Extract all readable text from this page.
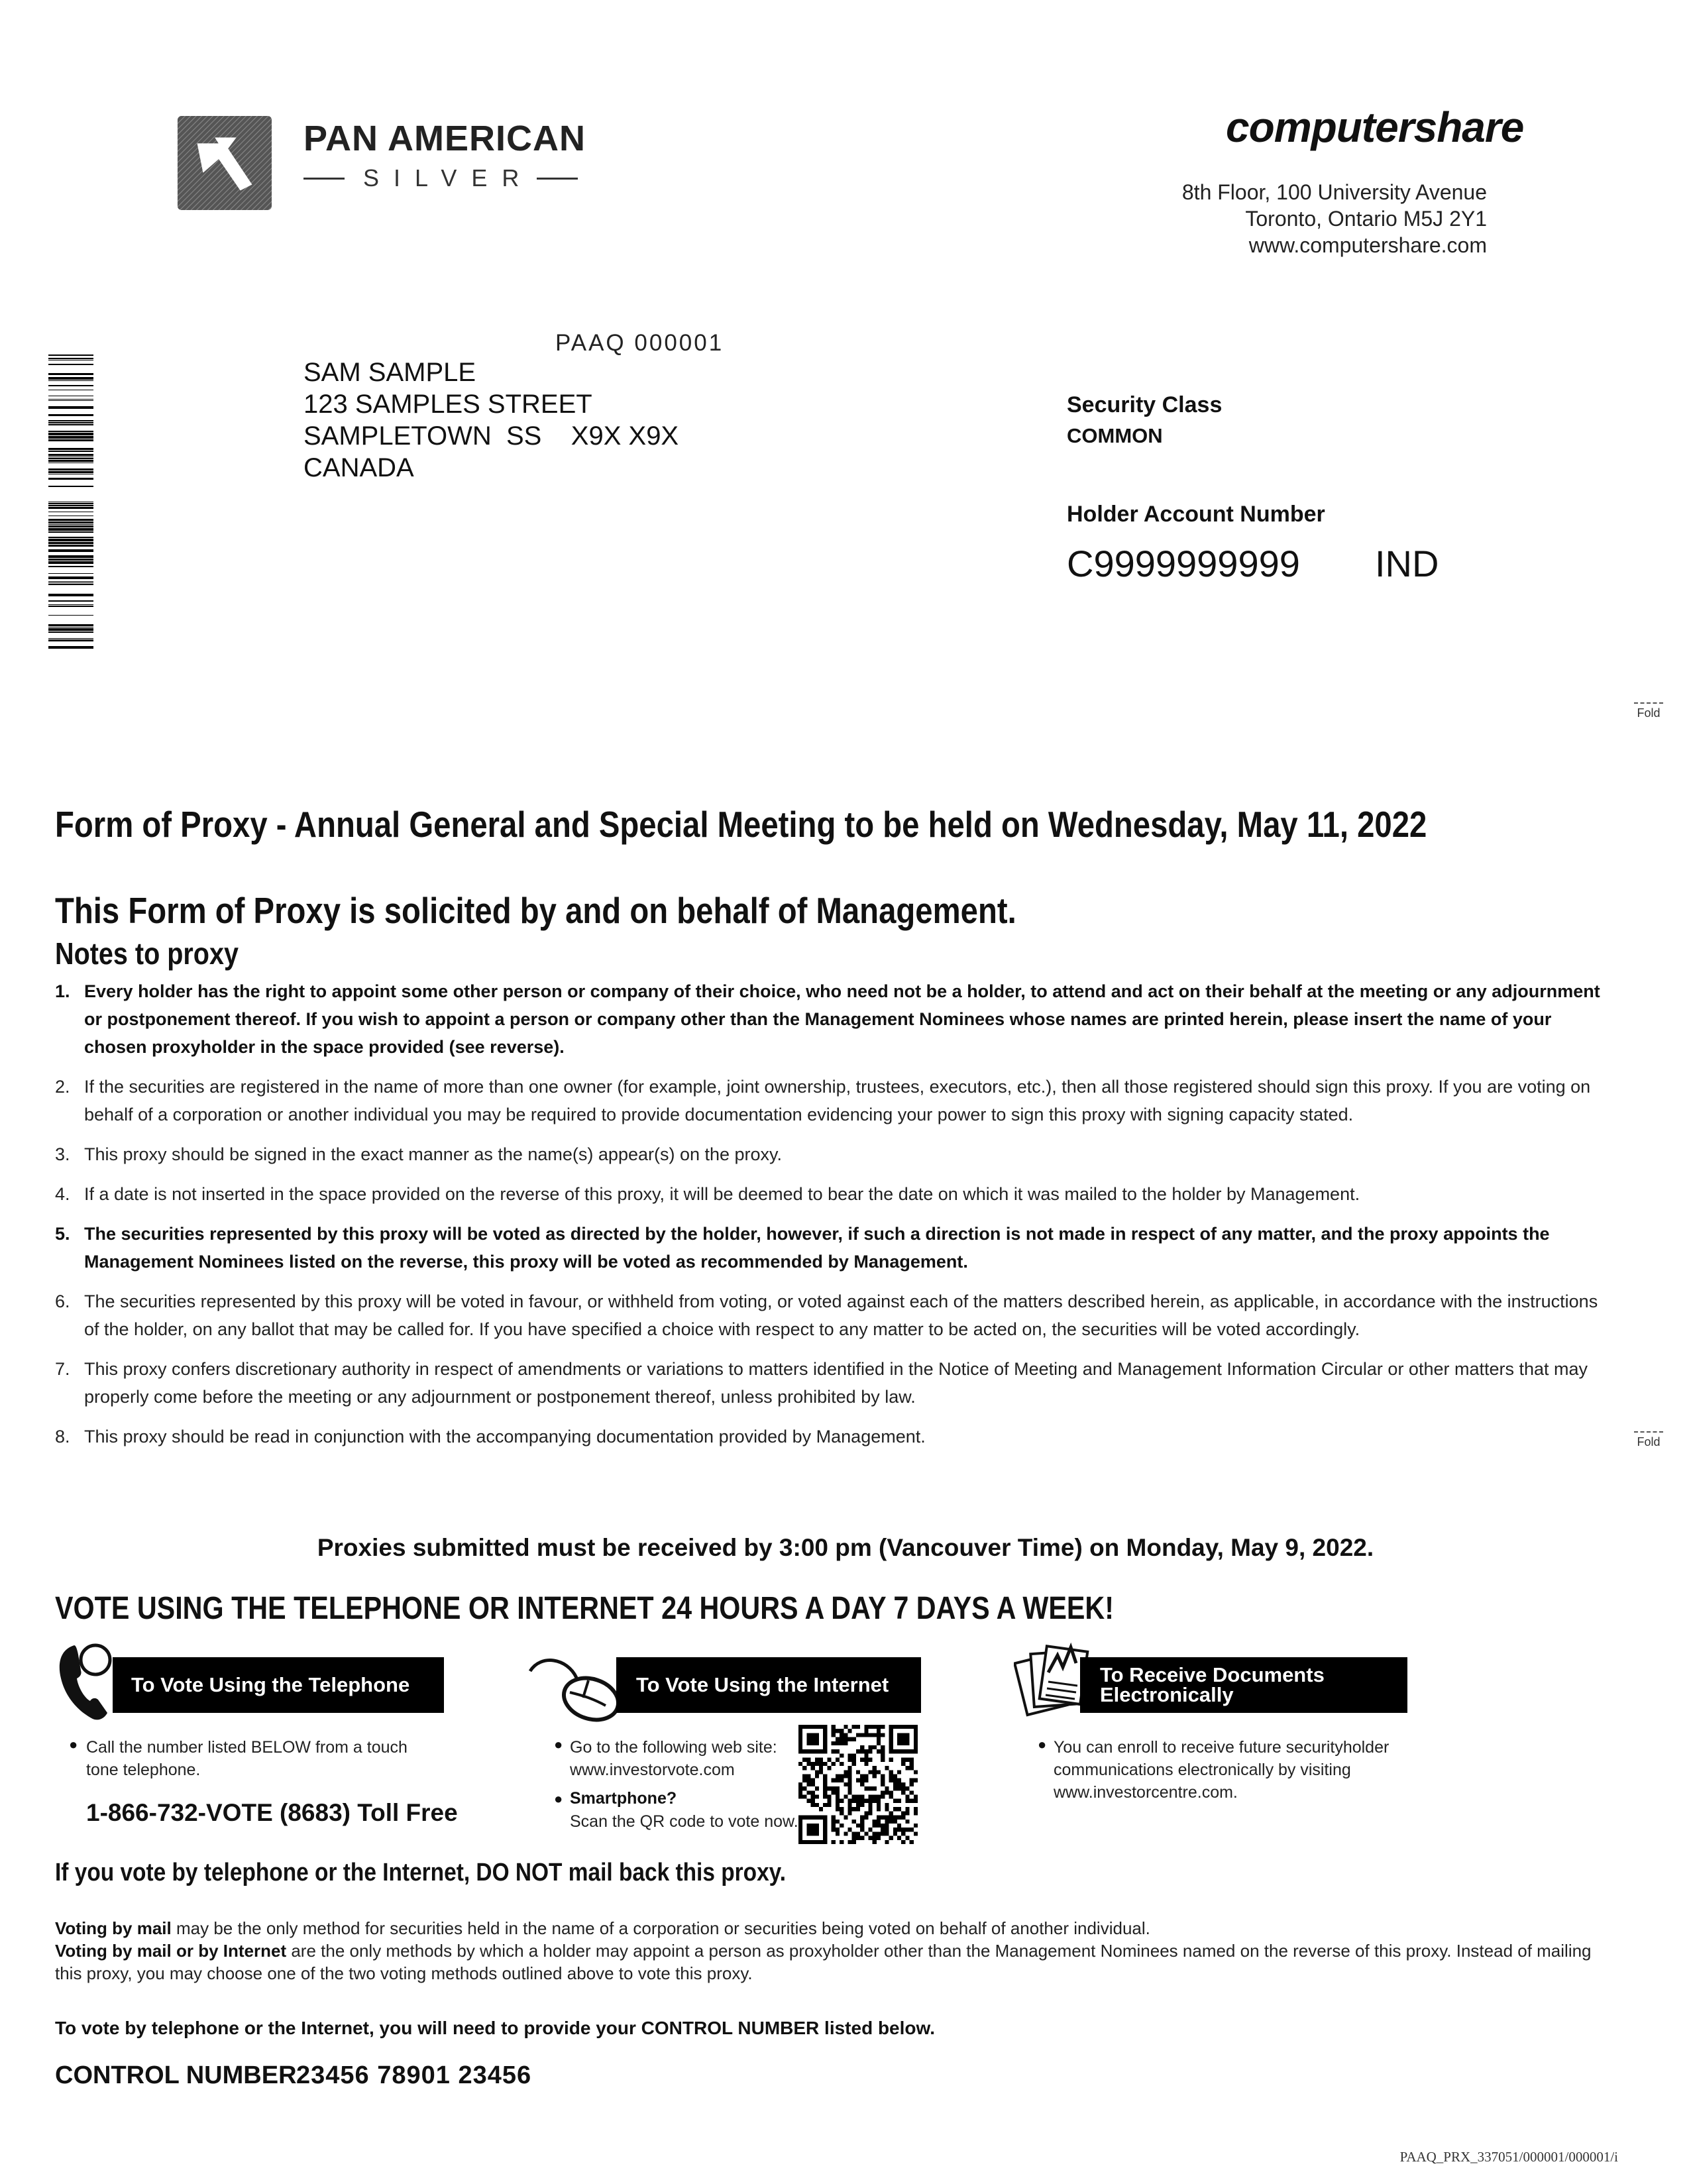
PAN AMERICAN
SILVER
computershare
8th Floor, 100 University Avenue
Toronto, Ontario M5J 2Y1
www.computershare.com
PAAQ 000001
SAM SAMPLE
123 SAMPLES STREET
SAMPLETOWN  SS    X9X X9X
CANADA
Security Class
COMMON
Holder Account Number
C9999999999 IND
Fold
Fold
Form of Proxy - Annual General and Special Meeting to be held on Wednesday, May 11, 2022
This Form of Proxy is solicited by and on behalf of Management.
Notes to proxy
1. Every holder has the right to appoint some other person or company of their choice, who need not be a holder, to attend and act on their behalf at the meeting or any adjournment or postponement thereof. If you wish to appoint a person or company other than the Management Nominees whose names are printed herein, please insert the name of your chosen proxyholder in the space provided (see reverse).
2. If the securities are registered in the name of more than one owner (for example, joint ownership, trustees, executors, etc.), then all those registered should sign this proxy. If you are voting on behalf of a corporation or another individual you may be required to provide documentation evidencing your power to sign this proxy with signing capacity stated.
3. This proxy should be signed in the exact manner as the name(s) appear(s) on the proxy.
4. If a date is not inserted in the space provided on the reverse of this proxy, it will be deemed to bear the date on which it was mailed to the holder by Management.
5. The securities represented by this proxy will be voted as directed by the holder, however, if such a direction is not made in respect of any matter, and the proxy appoints the Management Nominees listed on the reverse, this proxy will be voted as recommended by Management.
6. The securities represented by this proxy will be voted in favour, or withheld from voting, or voted against each of the matters described herein, as applicable, in accordance with the instructions of the holder, on any ballot that may be called for. If you have specified a choice with respect to any matter to be acted on, the securities will be voted accordingly.
7. This proxy confers discretionary authority in respect of amendments or variations to matters identified in the Notice of Meeting and Management Information Circular or other matters that may properly come before the meeting or any adjournment or postponement thereof, unless prohibited by law.
8. This proxy should be read in conjunction with the accompanying documentation provided by Management.
Proxies submitted must be received by 3:00 pm (Vancouver Time) on Monday, May 9, 2022.
VOTE USING THE TELEPHONE OR INTERNET 24 HOURS A DAY 7 DAYS A WEEK!
To Vote Using the Telephone
● Call the number listed BELOW from a touch tone telephone.
1-866-732-VOTE (8683) Toll Free
To Vote Using the Internet
● Go to the following web site: www.investorvote.com
● Smartphone?
Scan the QR code to vote now.
To Receive Documents Electronically
● You can enroll to receive future securityholder communications electronically by visiting www.investorcentre.com.
If you vote by telephone or the Internet, DO NOT mail back this proxy.
Voting by mail may be the only method for securities held in the name of a corporation or securities being voted on behalf of another individual.
Voting by mail or by Internet are the only methods by which a holder may appoint a person as proxyholder other than the Management Nominees named on the reverse of this proxy. Instead of mailing this proxy, you may choose one of the two voting methods outlined above to vote this proxy.
To vote by telephone or the Internet, you will need to provide your CONTROL NUMBER listed below.
CONTROL NUMBER 23456 78901 23456
PAAQ_PRX_337051/000001/000001/i
